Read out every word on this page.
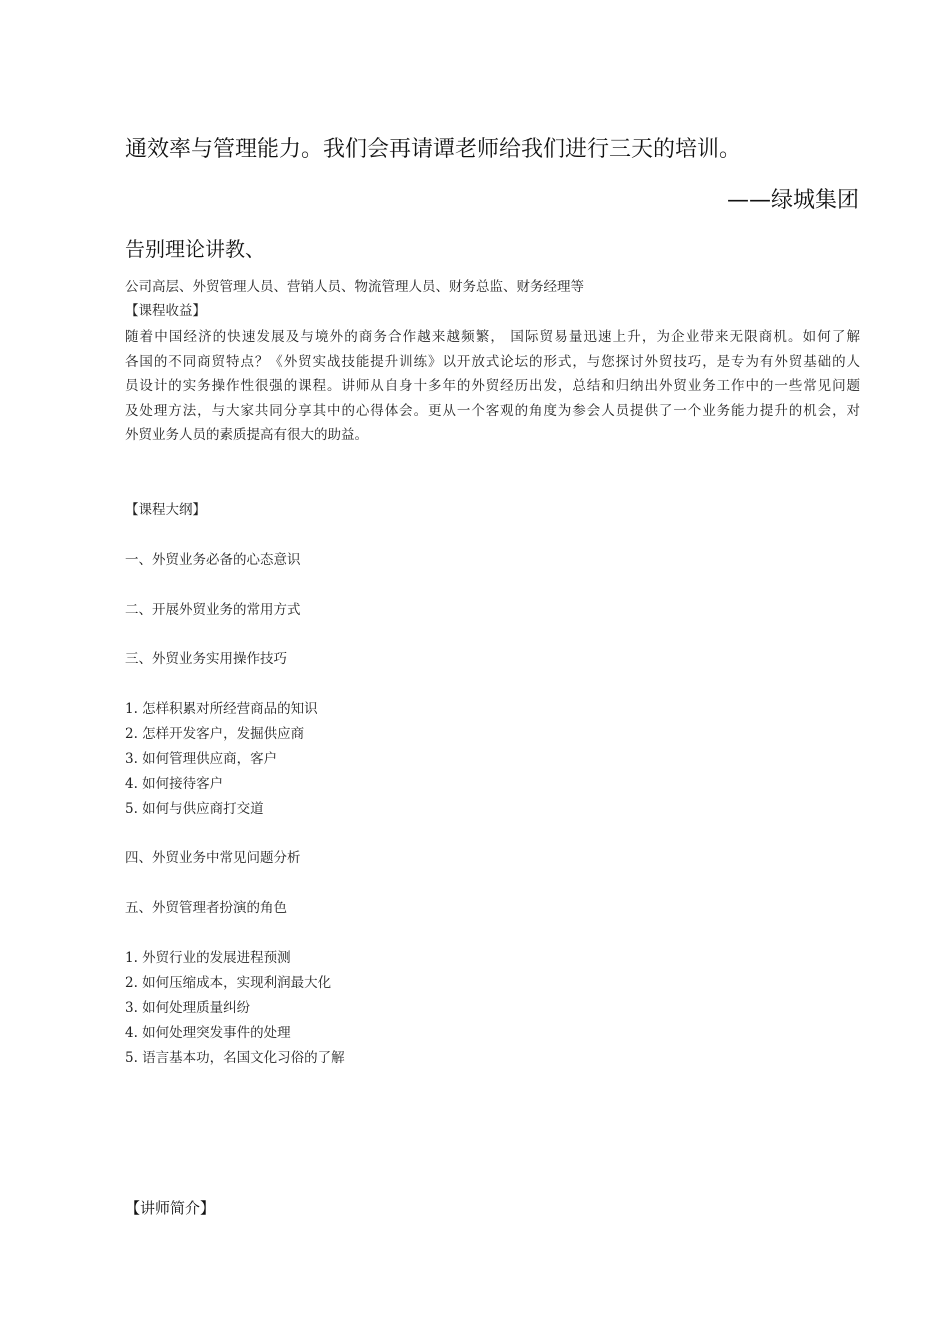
通效率与管理能力。我们会再请谭老师给我们进行三天的培训。
——绿城集团
告别理论讲教、
公司高层、外贸管理人员、营销人员、物流管理人员、财务总监、财务经理等
【课程收益】
随着中国经济的快速发展及与境外的商务合作越来越频繁， 国际贸易量迅速上升，为企业带来无限商机。如何了解
各国的不同商贸特点？《外贸实战技能提升训练》以开放式论坛的形式，与您探讨外贸技巧，是专为有外贸基础的人
员设计的实务操作性很强的课程。讲师从自身十多年的外贸经历出发，总结和归纳出外贸业务工作中的一些常见问题
及处理方法，与大家共同分享其中的心得体会。更从一个客观的角度为参会人员提供了一个业务能力提升的机会，对
外贸业务人员的素质提高有很大的助益。
【课程大纲】
一、外贸业务必备的心态意识
二、开展外贸业务的常用方式
三、外贸业务实用操作技巧
1. 怎样积累对所经营商品的知识
2. 怎样开发客户，发掘供应商
3. 如何管理供应商，客户
4. 如何接待客户
5. 如何与供应商打交道
四、外贸业务中常见问题分析
五、外贸管理者扮演的角色
1. 外贸行业的发展进程预测
2. 如何压缩成本，实现利润最大化
3. 如何处理质量纠纷
4. 如何处理突发事件的处理
5. 语言基本功，名国文化习俗的了解
【讲师简介】
